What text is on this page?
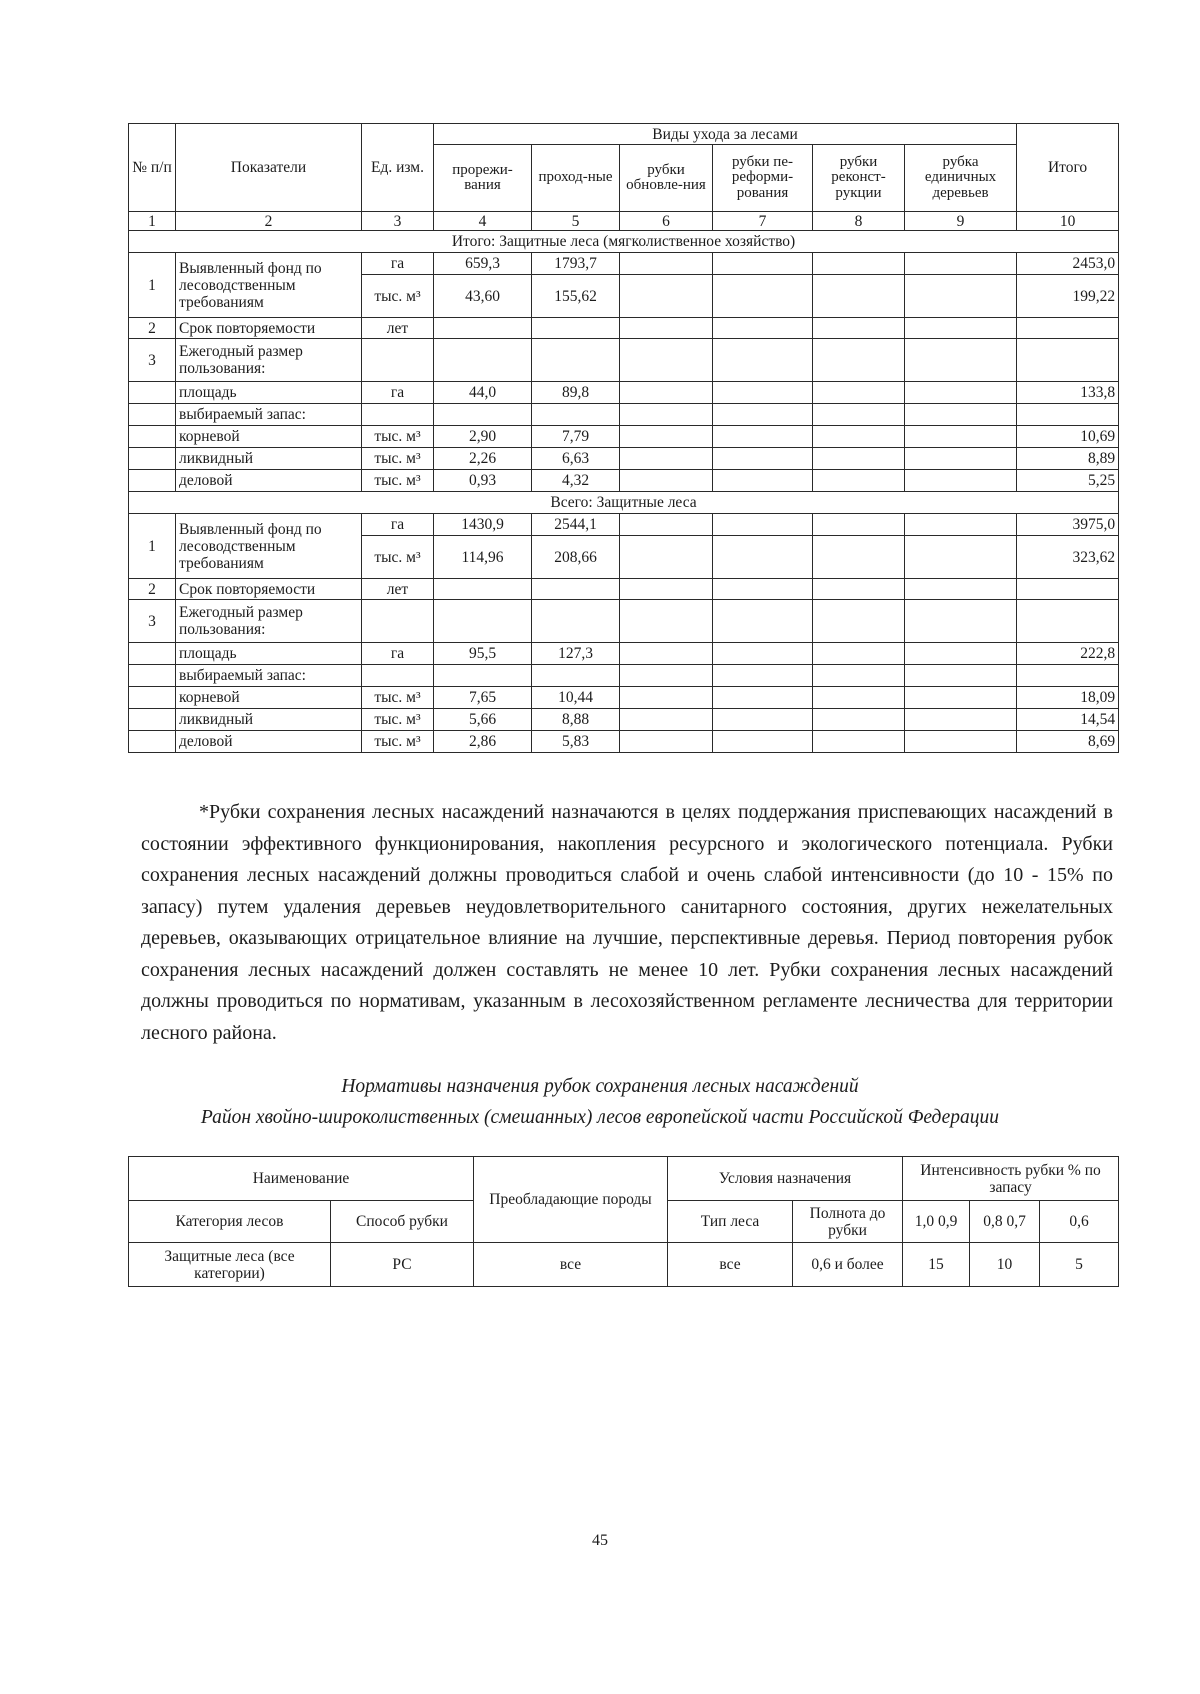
№ п/п	Показатели	Ед. изм.	Виды ухода за лесами						Итого
			прорежи-вания	проход-ные	рубки обновле-ния	рубки пе-реформи-рования	рубки реконст-рукции	рубка единичных деревьев	
1	2	3	4	5	6	7	8	9	10
Итого: Защитные леса (мягколиственное хозяйство)									
1	Выявленный фонд по лесоводственным требованиям	га	659,3	1793,7					2453,0
		тыс. м³	43,60	155,62					199,22
2	Срок повторяемости	лет							
3	Ежегодный размер пользования:								
	площадь	га	44,0	89,8					133,8
	выбираемый запас:								
	корневой	тыс. м³	2,90	7,79					10,69
	ликвидный	тыс. м³	2,26	6,63					8,89
	деловой	тыс. м³	0,93	4,32					5,25
Всего: Защитные леса									
1	Выявленный фонд по лесоводственным требованиям	га	1430,9	2544,1					3975,0
		тыс. м³	114,96	208,66					323,62
2	Срок повторяемости	лет							
3	Ежегодный размер пользования:								
	площадь	га	95,5	127,3					222,8
	выбираемый запас:								
	корневой	тыс. м³	7,65	10,44					18,09
	ликвидный	тыс. м³	5,66	8,88					14,54
	деловой	тыс. м³	2,86	5,83					8,69
*Рубки сохранения лесных насаждений назначаются в целях поддержания приспевающих насаждений в состоянии эффективного функционирования, накопления ресурсного и экологического потенциала. Рубки сохранения лесных насаждений должны проводиться слабой и очень слабой интенсивности (до 10 - 15% по запасу) путем удаления деревьев неудовлетворительного санитарного состояния, других нежелательных деревьев, оказывающих отрицательное влияние на лучшие, перспективные деревья. Период повторения рубок сохранения лесных насаждений должен составлять не менее 10 лет. Рубки сохранения лесных насаждений должны проводиться по нормативам, указанным в лесохозяйственном регламенте лесничества для территории лесного района.
Нормативы назначения рубок сохранения лесных насаждений
Район хвойно-широколиственных (смешанных) лесов европейской части Российской Федерации
Наименование		Преобладающие породы	Условия назначения		Интенсивность рубки % по запасу		
Категория лесов	Способ рубки		Тип леса	Полнота до рубки	1,0 0,9	0,8 0,7	0,6
Защитные леса (все категории)	РС	все	все	0,6 и более	15	10	5
45
